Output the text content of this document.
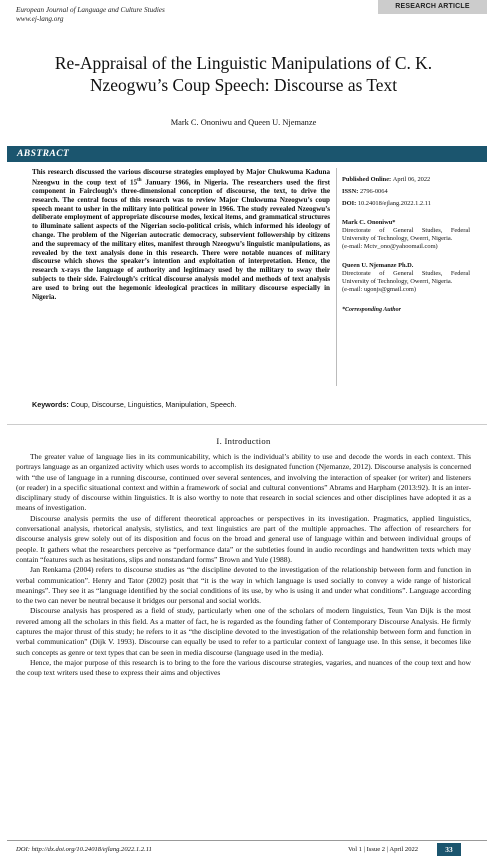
European Journal of Language and Culture Studies
www.ej-lang.org
RESEARCH ARTICLE
Re-Appraisal of the Linguistic Manipulations of C. K. Nzeogwu’s Coup Speech: Discourse as Text
Mark C. Ononiwu and Queen U. Njemanze
ABSTRACT
This research discussed the various discourse strategies employed by Major Chukwuma Kaduna Nzeogwu in the coup text of 15th January 1966, in Nigeria. The researchers used the first component in Fairclough’s three-dimensional conception of discourse, the text, to drive the research. The central focus of this research was to review Major Chukwuma Nzeogwu’s coup speech meant to usher in the military into political power in 1966. The study revealed Nzeogwu’s deliberate employment of appropriate discourse modes, lexical items, and grammatical structures to illuminate salient aspects of the Nigerian socio-political crisis, which informed his ideology of change. The problem of the Nigerian autocratic democracy, subservient followership by citizens and the supremacy of the military elites, manifest through Nzeogwu’s linguistic manipulations, as revealed by the text analysis done in this research. There were notable nuances of military discourse which shows the speaker’s intention and exploitation of interpretation. Hence, the research x-rays the language of authority and legitimacy used by the military to sway their subjects to their side. Fairclough’s critical discourse analysis model and methods of text analysis are used to bring out the hegemonic ideological practices in military discourse especially in Nigeria.
Published Online: April 06, 2022
ISSN: 2796-0064
DOI: 10.24018/ejlang.2022.1.2.11
Mark C. Ononiwu*
Directorate of General Studies, Federal University of Technology, Owerri, Nigeria.
(e-mail: Mctv_ono@yahoomail.com)
Queen U. Njemanze Ph.D.
Directorate of General Studies, Federal University of Technology, Owerri, Nigeria.
(e-mail: ugonjs@gmail.com)
*Corresponding Author
Keywords: Coup, Discourse, Linguistics, Manipulation, Speech.
I. Introduction

The greater value of language lies in its communicability, which is the individual’s ability to use and decode the words in each context. This portrays language as an organized activity which uses words to accomplish its designated function (Njemanze, 2012). Discourse analysis is concerned with “the use of language in a running discourse, continued over several sentences, and involving the interaction of speaker (or writer) and listeners (or reader) in a specific situational context and within a framework of social and cultural conventions” Abrams and Harpham (2013:92). It is an inter-disciplinary study of discourse within linguistics. It is also worthy to note that research in social sciences and other disciplines have adopted it as a means of investigation.

Discourse analysis permits the use of different theoretical approaches or perspectives in its investigation. Pragmatics, applied linguistics, conversational analysis, rhetorical analysis, stylistics, and text linguistics are part of the multiple approaches. The affection of researchers for discourse analysis grew solely out of its disposition and focus on the broad and general use of language within and between individual groups of people. It gathers what the researchers perceive as “performance data” or the subtleties found in audio recordings and handwritten texts which may contain “features such as hesitations, slips and nonstandard forms” Brown and Yule (1988).

Jan Renkama (2004) refers to discourse studies as “the discipline devoted to the investigation of the relationship between form and function in verbal communication”. Henry and Tator (2002) posit that “it is the way in which language is used socially to convey a wide range of historical meanings”. They see it as “language identified by the social conditions of its use, by who is using it and under what conditions”. Language according to the two can never be neutral because it bridges our personal and social worlds.

Discourse analysis has prospered as a field of study, particularly when one of the scholars of modern linguistics, Teun Van Dijk is the most revered among all the scholars in this field. As a matter of fact, he is regarded as the founding father of Contemporary Discourse Analysis. He firmly captures the major thrust of this study; he refers to it as “the discipline devoted to the investigation of the relationship between form and function in verbal communication” (Dijk V. 1993). Discourse can equally be used to refer to a particular context of language use. In this sense, it becomes like such concepts as genre or text types that can be seen in media discourse (language used in the media).

Hence, the major purpose of this research is to bring to the fore the various discourse strategies, vagaries, and nuances of the coup text and how the coup text writers used these to express their aims and objectives

DOI: http://dx.doi.org/10.24018/ejlang.2022.1.2.11	Vol 1 | Issue 2 | April 2022	33
